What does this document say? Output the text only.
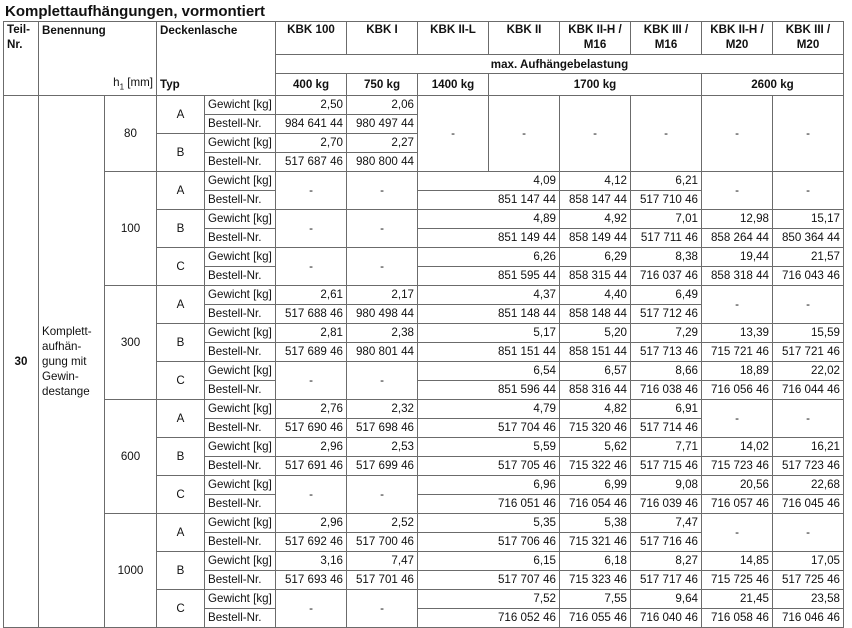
Komplettaufhängungen, vormontiert
Teil-Nr.	Benennung		Deckenlasche		KBK 100	KBK I	KBK II-L	KBK II	KBK II-H / M16	KBK III / M16	KBK II-H / M20	KBK III / M20

					max. Aufhängebelastung							
	$h_1$ [mm]		Typ		400 kg	750 kg	1400 kg	1700 kg			2600 kg	
30	Komplett-aufhän-gung mit Gewin-destange	80	A	Gewicht [kg]	2,50	2,06	-	-	-	-	-	-
				Bestell-Nr.	984 641 44	980 497 44						
			B	Gewicht [kg]	2,70	2,27						
				Bestell-Nr.	517 687 46	980 800 44						
		100	A	Gewicht [kg]	-	-	4,09		4,12	6,21	-	-
				Bestell-Nr.			851 147 44		858 147 44	517 710 46		
			B	Gewicht [kg]	-	-	4,89		4,92	7,01	12,98	15,17
				Bestell-Nr.			851 149 44		858 149 44	517 711 46	858 264 44	850 364 44
			C	Gewicht [kg]	-	-	6,26		6,29	8,38	19,44	21,57
				Bestell-Nr.			851 595 44		858 315 44	716 037 46	858 318 44	716 043 46
		300	A	Gewicht [kg]	2,61	2,17	4,37		4,40	6,49	-	-
				Bestell-Nr.	517 688 46	980 498 44	851 148 44		858 148 44	517 712 46		
			B	Gewicht [kg]	2,81	2,38	5,17		5,20	7,29	13,39	15,59
				Bestell-Nr.	517 689 46	980 801 44	851 151 44		858 151 44	517 713 46	715 721 46	517 721 46
			C	Gewicht [kg]	-	-	6,54		6,57	8,66	18,89	22,02
				Bestell-Nr.			851 596 44		858 316 44	716 038 46	716 056 46	716 044 46
		600	A	Gewicht [kg]	2,76	2,32	4,79		4,82	6,91	-	-
				Bestell-Nr.	517 690 46	517 698 46	517 704 46		715 320 46	517 714 46		
			B	Gewicht [kg]	2,96	2,53	5,59		5,62	7,71	14,02	16,21
				Bestell-Nr.	517 691 46	517 699 46	517 705 46		715 322 46	517 715 46	715 723 46	517 723 46
			C	Gewicht [kg]	-	-	6,96		6,99	9,08	20,56	22,68
				Bestell-Nr.			716 051 46		716 054 46	716 039 46	716 057 46	716 045 46
		1000	A	Gewicht [kg]	2,96	2,52	5,35		5,38	7,47	-	-
				Bestell-Nr.	517 692 46	517 700 46	517 706 46		715 321 46	517 716 46		
			B	Gewicht [kg]	3,16	7,47	6,15		6,18	8,27	14,85	17,05
				Bestell-Nr.	517 693 46	517 701 46	517 707 46		715 323 46	517 717 46	715 725 46	517 725 46
			C	Gewicht [kg]	-	-	7,52		7,55	9,64	21,45	23,58
				Bestell-Nr.			716 052 46		716 055 46	716 040 46	716 058 46	716 046 46
